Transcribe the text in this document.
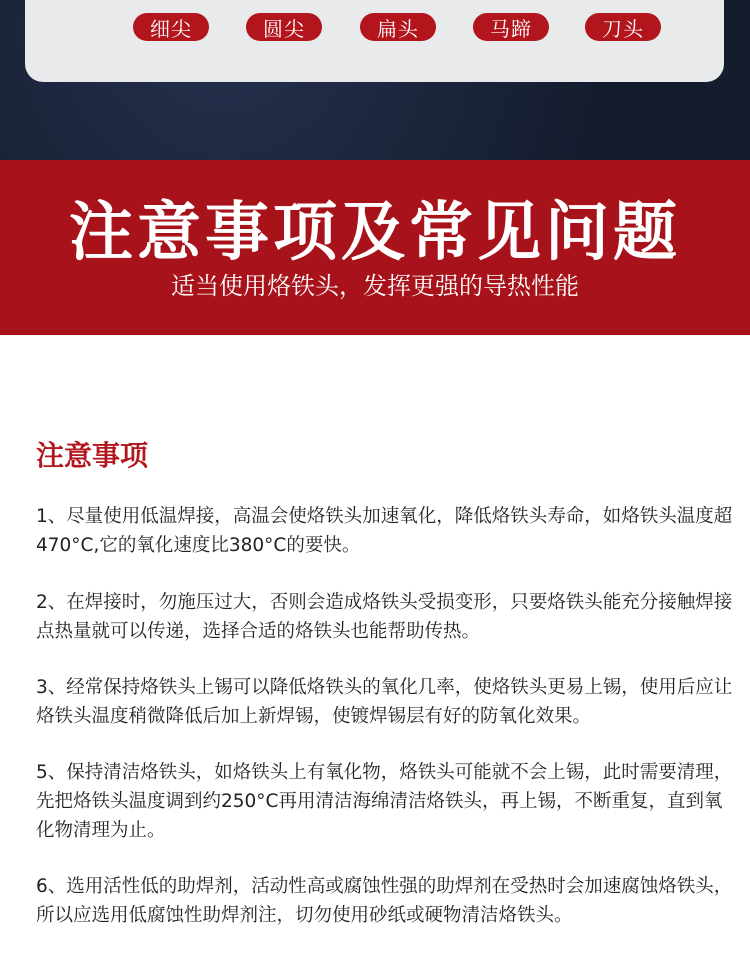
细尖	圆尖	扁头	马蹄	刀头
注意事项及常见问题
适当使用烙铁头，发挥更强的导热性能
注意事项

1、尽量使用低温焊接，高温会使烙铁头加速氧化，降低烙铁头寿命，如烙铁头温度超470°C,它的氧化速度比380°C的要快。

2、在焊接时，勿施压过大，否则会造成烙铁头受损变形，只要烙铁头能充分接触焊接点热量就可以传递，选择合适的烙铁头也能帮助传热。

3、经常保持烙铁头上锡可以降低烙铁头的氧化几率，使烙铁头更易上锡，使用后应让烙铁头温度稍微降低后加上新焊锡，使镀焊锡层有好的防氧化效果。

5、保持清洁烙铁头，如烙铁头上有氧化物，烙铁头可能就不会上锡，此时需要清理，先把烙铁头温度调到约250°C再用清洁海绵清洁烙铁头，再上锡，不断重复，直到氧化物清理为止。

6、选用活性低的助焊剂，活动性高或腐蚀性强的助焊剂在受热时会加速腐蚀烙铁头，所以应选用低腐蚀性助焊剂注，切勿使用砂纸或硬物清洁烙铁头。
